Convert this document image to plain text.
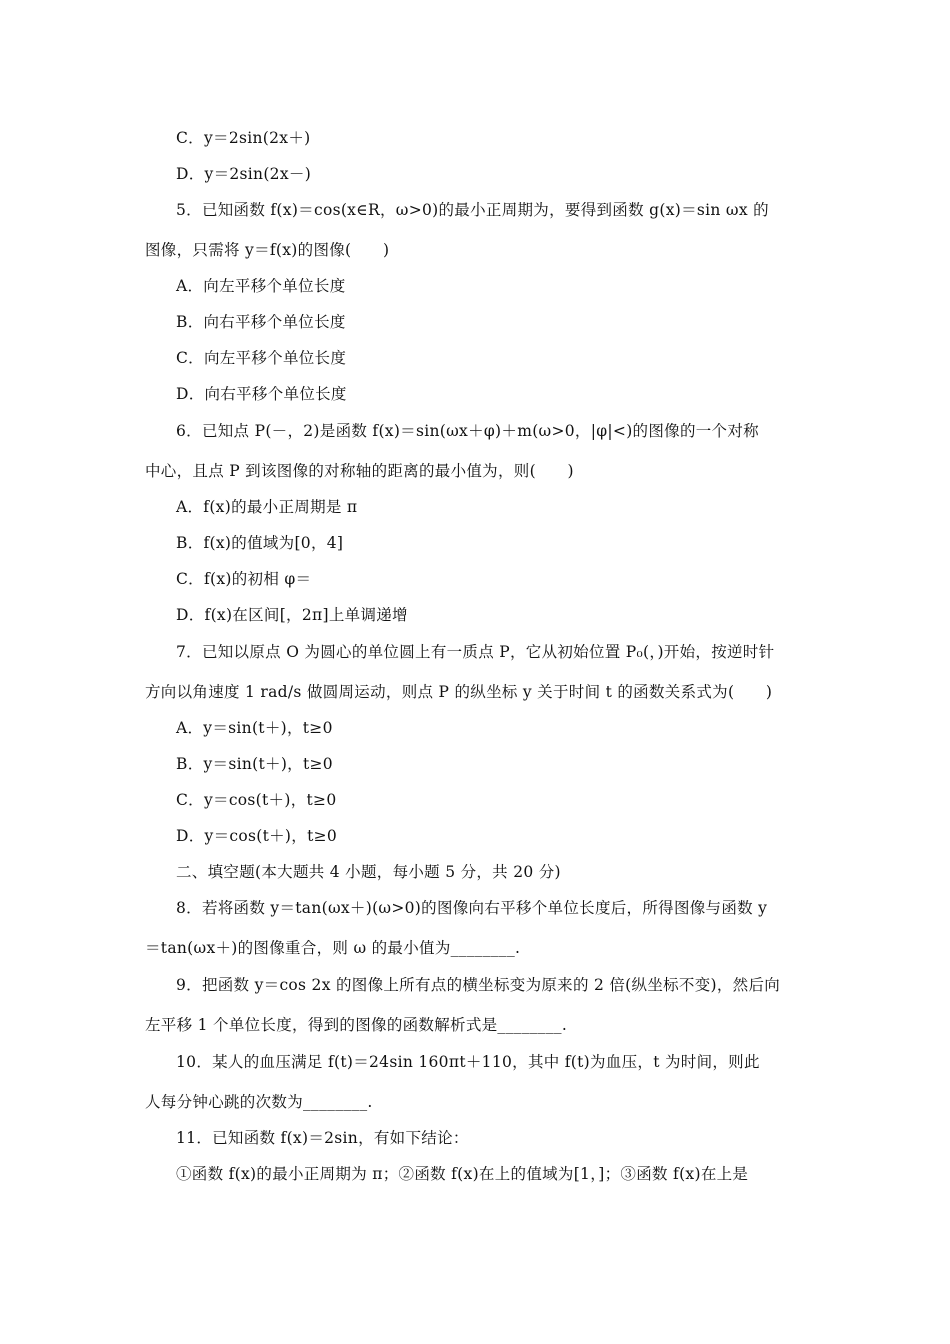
C．y＝2sin(2x＋)
D．y＝2sin(2x－)
5．已知函数 f(x)＝cos(x∈R，ω>0)的最小正周期为，要得到函数 g(x)＝sin ωx 的
图像，只需将 y＝f(x)的图像(　　)
A．向左平移个单位长度
B．向右平移个单位长度
C．向左平移个单位长度
D．向右平移个单位长度
6．已知点 P(－，2)是函数 f(x)＝sin(ωx＋φ)＋m(ω>0，|φ|<)的图像的一个对称
中心，且点 P 到该图像的对称轴的距离的最小值为，则(　　)
A．f(x)的最小正周期是 π
B．f(x)的值域为[0，4]
C．f(x)的初相 φ＝
D．f(x)在区间[，2π]上单调递增
7．已知以原点 O 为圆心的单位圆上有一质点 P，它从初始位置 P₀(，)开始，按逆时针
方向以角速度 1 rad/s 做圆周运动，则点 P 的纵坐标 y 关于时间 t 的函数关系式为(　　)
A．y＝sin(t＋)，t≥0
B．y＝sin(t＋)，t≥0
C．y＝cos(t＋)，t≥0
D．y＝cos(t＋)，t≥0
二、填空题(本大题共 4 小题，每小题 5 分，共 20 分)
8．若将函数 y＝tan(ωx＋)(ω>0)的图像向右平移个单位长度后，所得图像与函数 y
＝tan(ωx＋)的图像重合，则 ω 的最小值为________.
9．把函数 y＝cos 2x 的图像上所有点的横坐标变为原来的 2 倍(纵坐标不变)，然后向
左平移 1 个单位长度，得到的图像的函数解析式是________.
10．某人的血压满足 f(t)＝24sin 160πt＋110，其中 f(t)为血压，t 为时间，则此
人每分钟心跳的次数为________.
11．已知函数 f(x)＝2sin，有如下结论：
①函数 f(x)的最小正周期为 π；②函数 f(x)在上的值域为[1，]；③函数 f(x)在上是
